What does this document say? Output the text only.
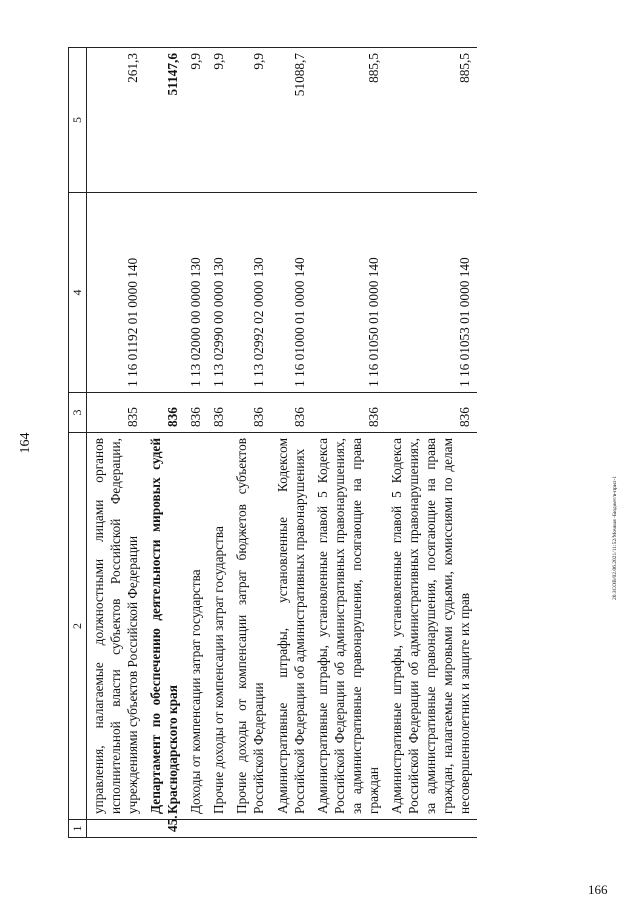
164
1	2	3	4	5
	управления, налагаемые должностными лицами органов исполнительной власти субъектов Российской Федерации, учреждениями субъектов Российской Федерации	835	1 16 01192 01 0000 140	261,3
45.	Департамент по обеспечению деятельности мировых судей Краснодарского края	836		51147,6
	Доходы от компенсации затрат государства	836	1 13 02000 00 0000 130	9,9
	Прочие доходы от компенсации затрат государства	836	1 13 02990 00 0000 130	9,9
	Прочие доходы от компенсации затрат бюджетов субъектов Российской Федерации	836	1 13 02992 02 0000 130	9,9
	Административные штрафы, установленные Кодексом Российской Федерации об административных правонарушениях	836	1 16 01000 01 0000 140	51088,7
	Административные штрафы, установленные главой 5 Кодекса Российской Федерации об административных правонарушениях, за административные правонарушения, посягающие на права граждан	836	1 16 01050 01 0000 140	885,5
	Административные штрафы, установленные главой 5 Кодекса Российской Федерации об административных правонарушениях, за административные правонарушения, посягающие на права граждан, налагаемые мировыми судьями, комиссиями по делам несовершеннолетних и защите их прав	836	1 16 01053 01 0000 140	885,5
166
20.ЗСОВ/02.06.2021/11:52/Мочная -Бюджет/в-прил-1
